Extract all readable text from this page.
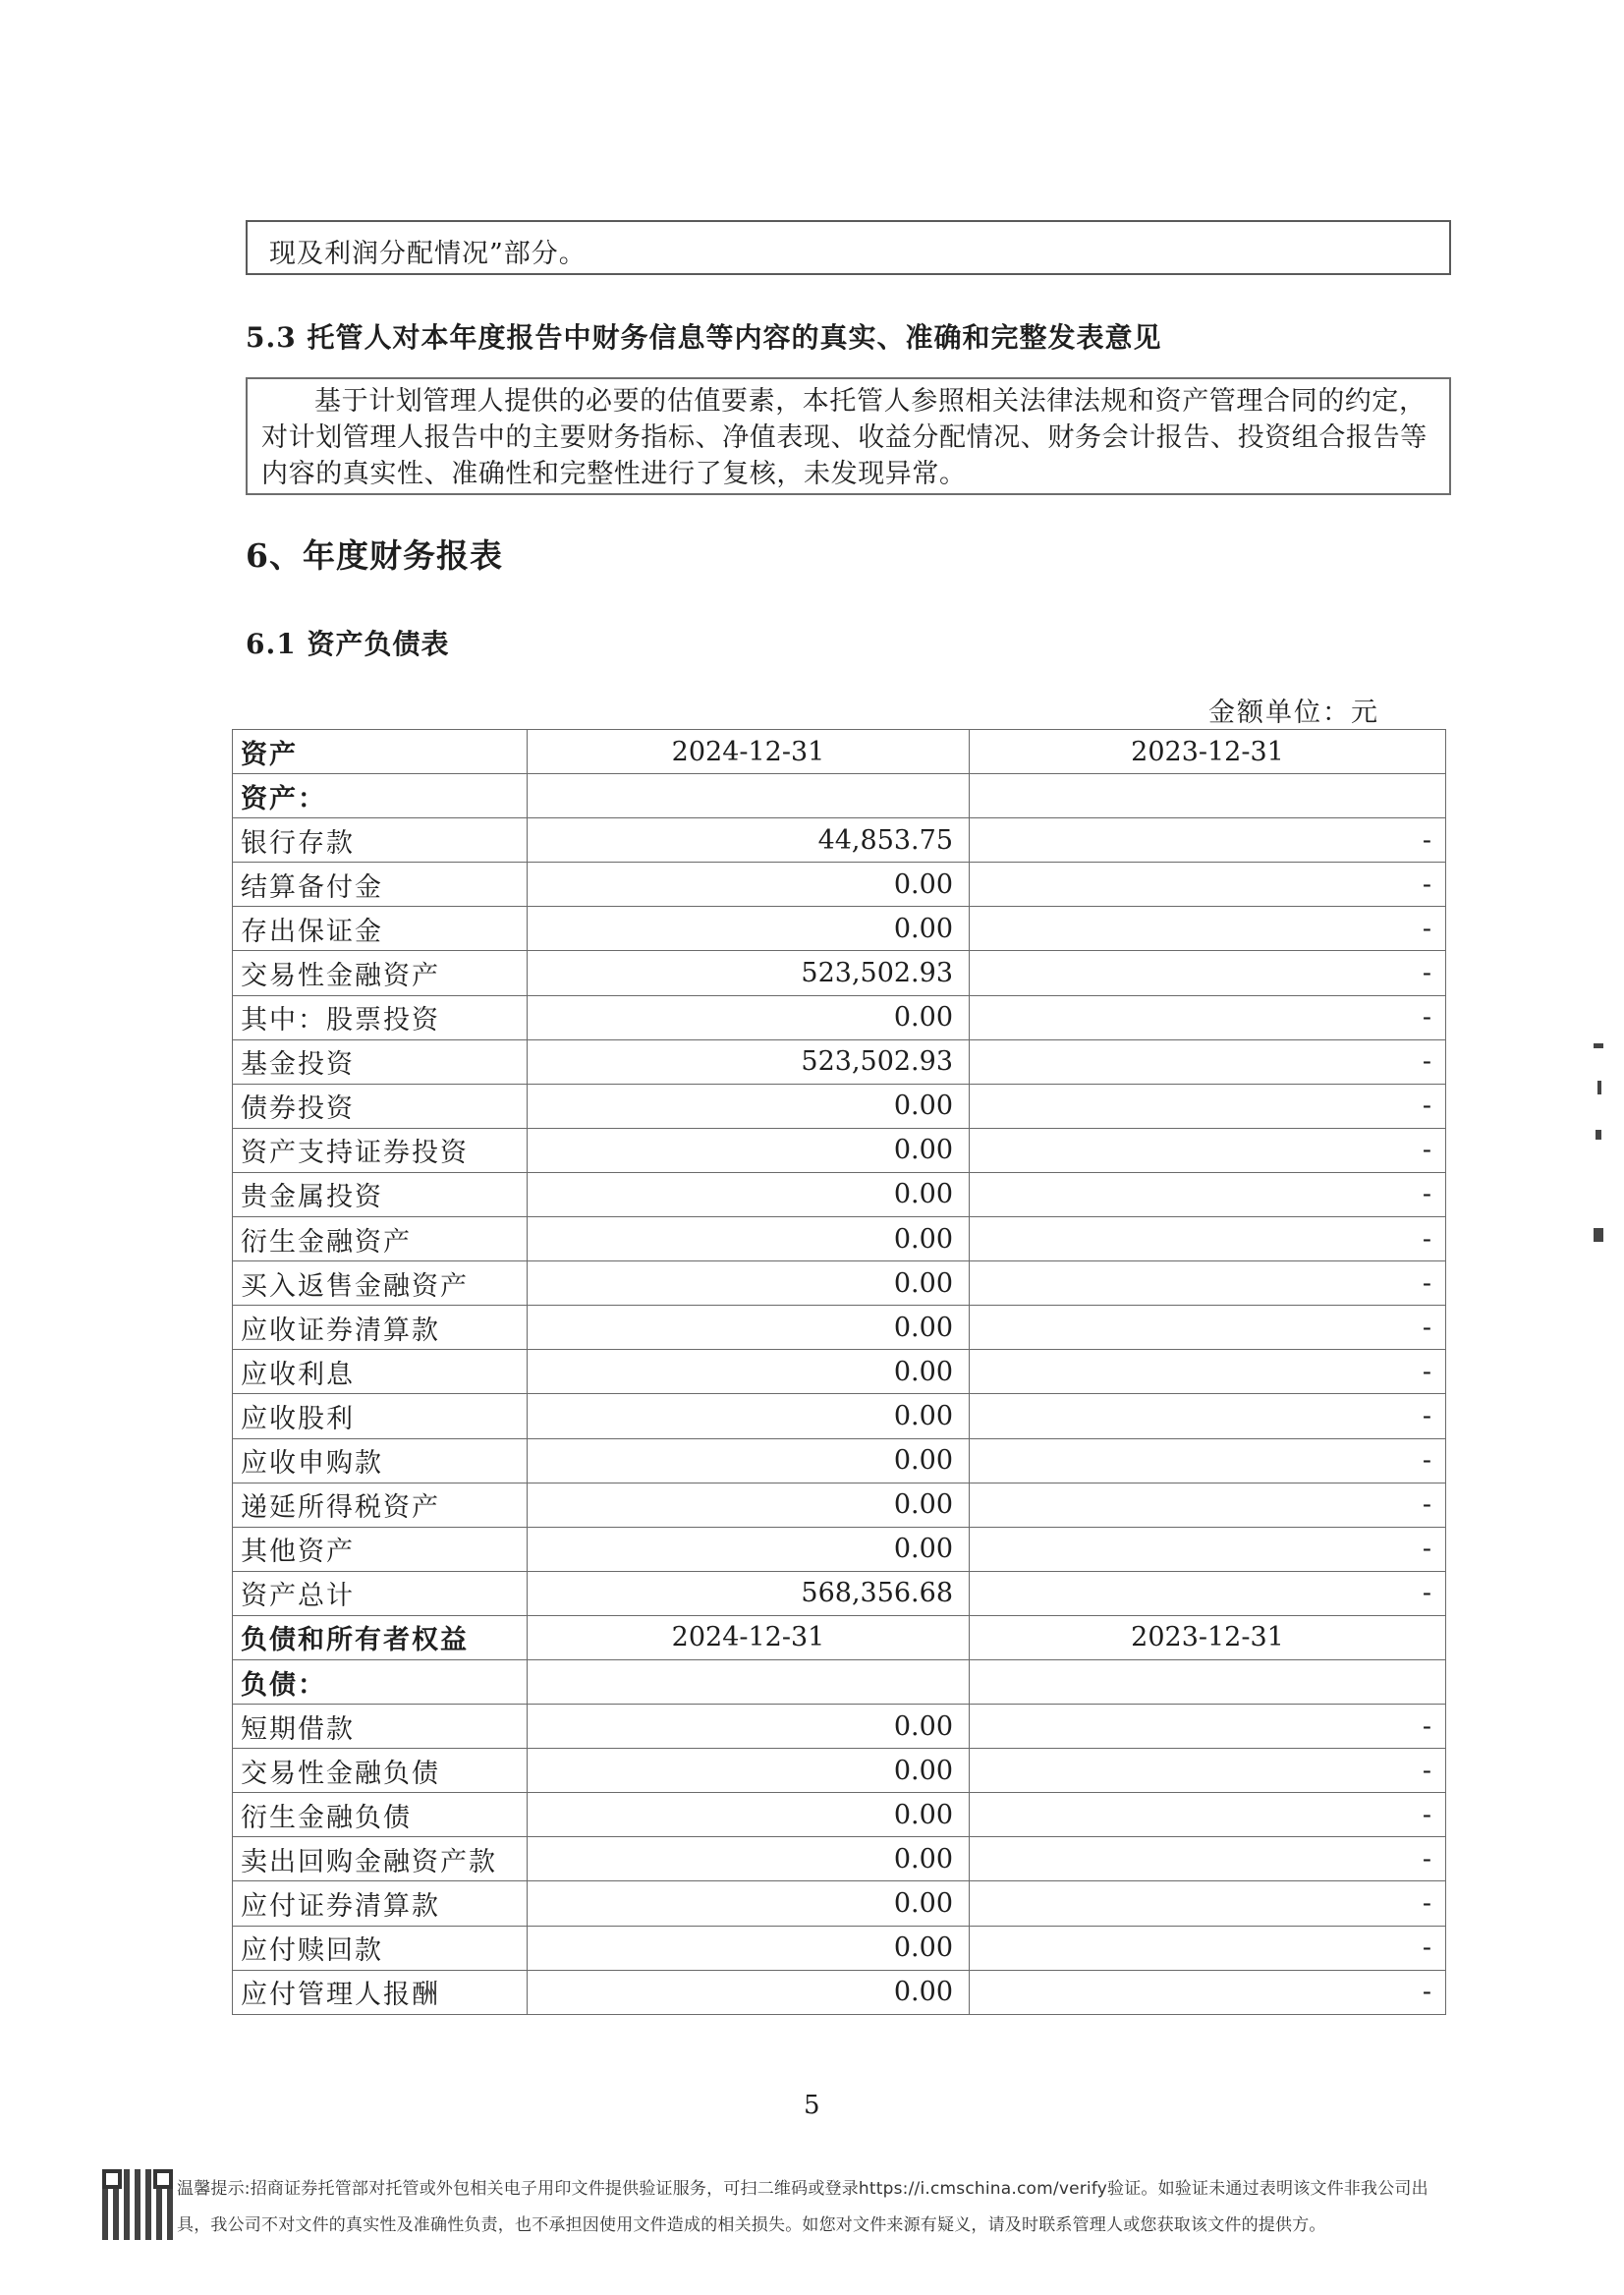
现及利润分配情况”部分。
5.3 托管人对本年度报告中财务信息等内容的真实、准确和完整发表意见
基于计划管理人提供的必要的估值要素，本托管人参照相关法律法规和资产管理合同的约定，对计划管理人报告中的主要财务指标、净值表现、收益分配情况、财务会计报告、投资组合报告等内容的真实性、准确性和完整性进行了复核，未发现异常。
6、年度财务报表
6.1 资产负债表
金额单位：元
资产	2024-12-31	2023-12-31
资产：		
银行存款	44,853.75	-
结算备付金	0.00	-
存出保证金	0.00	-
交易性金融资产	523,502.93	-
其中：股票投资	0.00	-
基金投资	523,502.93	-
债券投资	0.00	-
资产支持证券投资	0.00	-
贵金属投资	0.00	-
衍生金融资产	0.00	-
买入返售金融资产	0.00	-
应收证券清算款	0.00	-
应收利息	0.00	-
应收股利	0.00	-
应收申购款	0.00	-
递延所得税资产	0.00	-
其他资产	0.00	-
资产总计	568,356.68	-
负债和所有者权益	2024-12-31	2023-12-31
负债：		
短期借款	0.00	-
交易性金融负债	0.00	-
衍生金融负债	0.00	-
卖出回购金融资产款	0.00	-
应付证券清算款	0.00	-
应付赎回款	0.00	-
应付管理人报酬	0.00	-
5
温馨提示:招商证券托管部对托管或外包相关电子用印文件提供验证服务，可扫二维码或登录https://i.cmschina.com/verify验证。如验证未通过表明该文件非我公司出具，我公司不对文件的真实性及准确性负责，也不承担因使用文件造成的相关损失。如您对文件来源有疑义，请及时联系管理人或您获取该文件的提供方。
